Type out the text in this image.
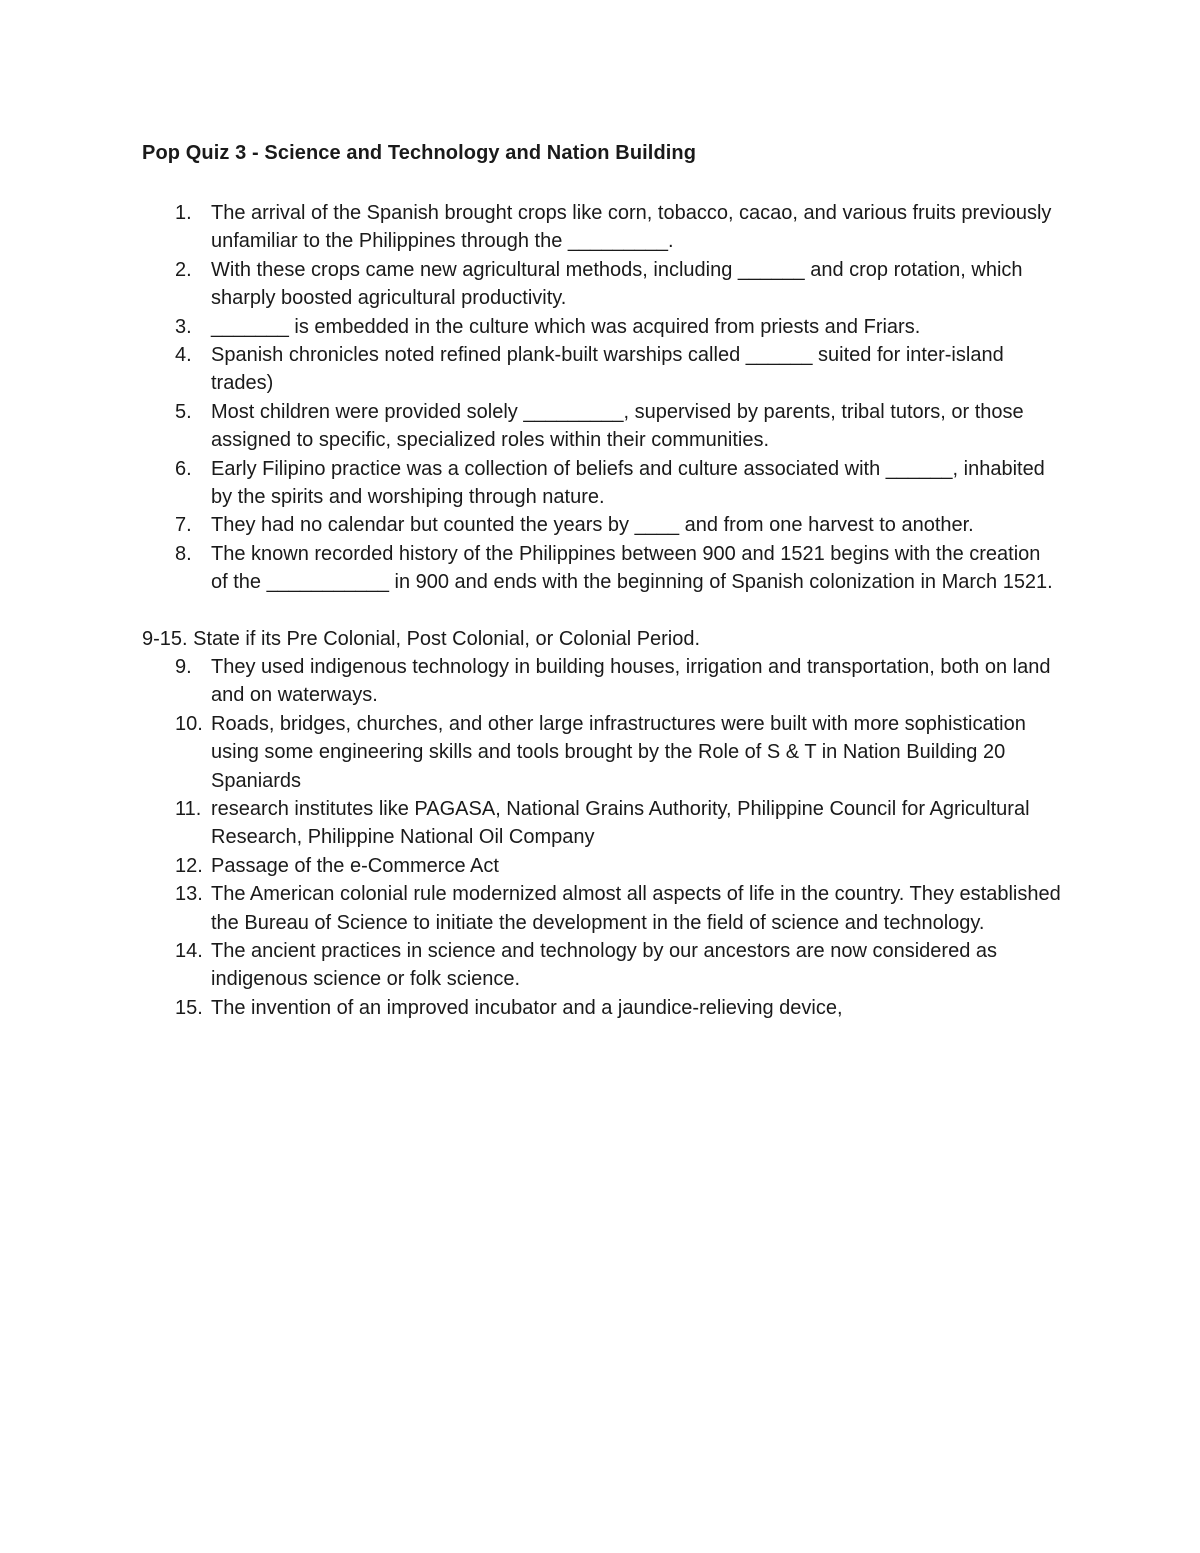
Pop Quiz 3 - Science and Technology and Nation Building
1. The arrival of the Spanish brought crops like corn, tobacco, cacao, and various fruits previously unfamiliar to the Philippines through the _________.
2. With these crops came new agricultural methods, including ______ and crop rotation, which sharply boosted agricultural productivity.
3. _______ is embedded in the culture which was acquired from priests and Friars.
4. Spanish chronicles noted refined plank-built warships called ______ suited for inter-island trades)
5. Most children were provided solely _________, supervised by parents, tribal tutors, or those assigned to specific, specialized roles within their communities.
6. Early Filipino practice was a collection of beliefs and culture associated with ______, inhabited by the spirits and worshiping through nature.
7. They had no calendar but counted the years by ____ and from one harvest to another.
8. The known recorded history of the Philippines between 900 and 1521 begins with the creation of the ___________ in 900 and ends with the beginning of Spanish colonization in March 1521.
9-15. State if its Pre Colonial, Post Colonial, or Colonial Period.
9. They used indigenous technology in building houses, irrigation and transportation, both on land and on waterways.
10. Roads, bridges, churches, and other large infrastructures were built with more sophistication using some engineering skills and tools brought by the Role of S & T in Nation Building 20 Spaniards
11. research institutes like PAGASA, National Grains Authority, Philippine Council for Agricultural Research, Philippine National Oil Company
12. Passage of the e-Commerce Act
13. The American colonial rule modernized almost all aspects of life in the country. They established the Bureau of Science to initiate the development in the field of science and technology.
14. The ancient practices in science and technology by our ancestors are now considered as indigenous science or folk science.
15. The invention of an improved incubator and a jaundice-relieving device,
